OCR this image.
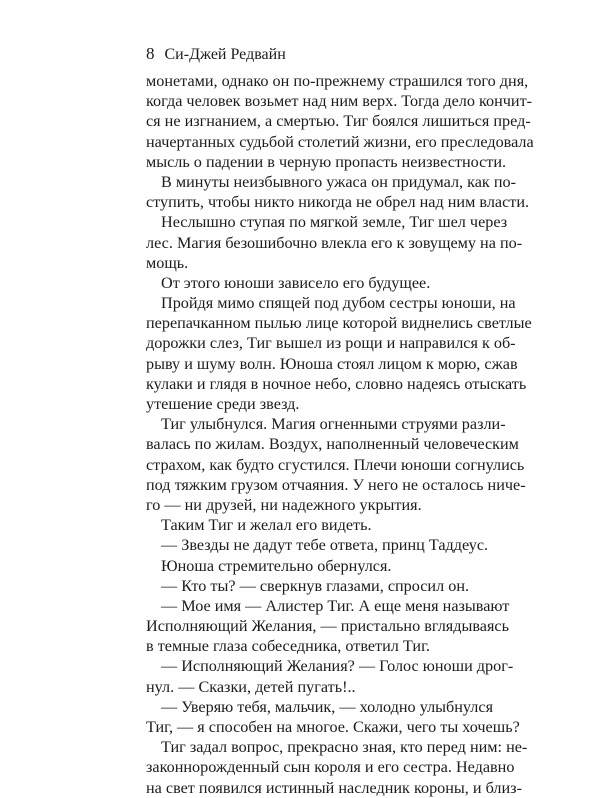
8 Си-Джей Редвайн
монетами, однако он по-прежнему страшился того дня,
когда человек возьмет над ним верх. Тогда дело кончит-
ся не изгнанием, а смертью. Тиг боялся лишиться пред-
начертанных судьбой столетий жизни, его преследовала
мысль о падении в черную пропасть неизвестности.
В минуты неизбывного ужаса он придумал, как по-
ступить, чтобы никто никогда не обрел над ним власти.
Неслышно ступая по мягкой земле, Тиг шел через
лес. Магия безошибочно влекла его к зовущему на по-
мощь.
От этого юноши зависело его будущее.
Пройдя мимо спящей под дубом сестры юноши, на
перепачканном пылью лице которой виднелись светлые
дорожки слез, Тиг вышел из рощи и направился к об-
рыву и шуму волн. Юноша стоял лицом к морю, сжав
кулаки и глядя в ночное небо, словно надеясь отыскать
утешение среди звезд.
Тиг улыбнулся. Магия огненными струями разли-
валась по жилам. Воздух, наполненный человеческим
страхом, как будто сгустился. Плечи юноши согнулись
под тяжким грузом отчаяния. У него не осталось ниче-
го — ни друзей, ни надежного укрытия.
Таким Тиг и желал его видеть.
— Звезды не дадут тебе ответа, принц Таддеус.
Юноша стремительно обернулся.
— Кто ты? — сверкнув глазами, спросил он.
— Мое имя — Алистер Тиг. А еще меня называют
Исполняющий Желания, — пристально вглядываясь
в темные глаза собеседника, ответил Тиг.
— Исполняющий Желания? — Голос юноши дрог-
нул. — Сказки, детей пугать!..
— Уверяю тебя, мальчик, — холодно улыбнулся
Тиг, — я способен на многое. Скажи, чего ты хочешь?
Тиг задал вопрос, прекрасно зная, кто перед ним: не-
законнорожденный сын короля и его сестра. Недавно
на свет появился истинный наследник короны, и близ-
